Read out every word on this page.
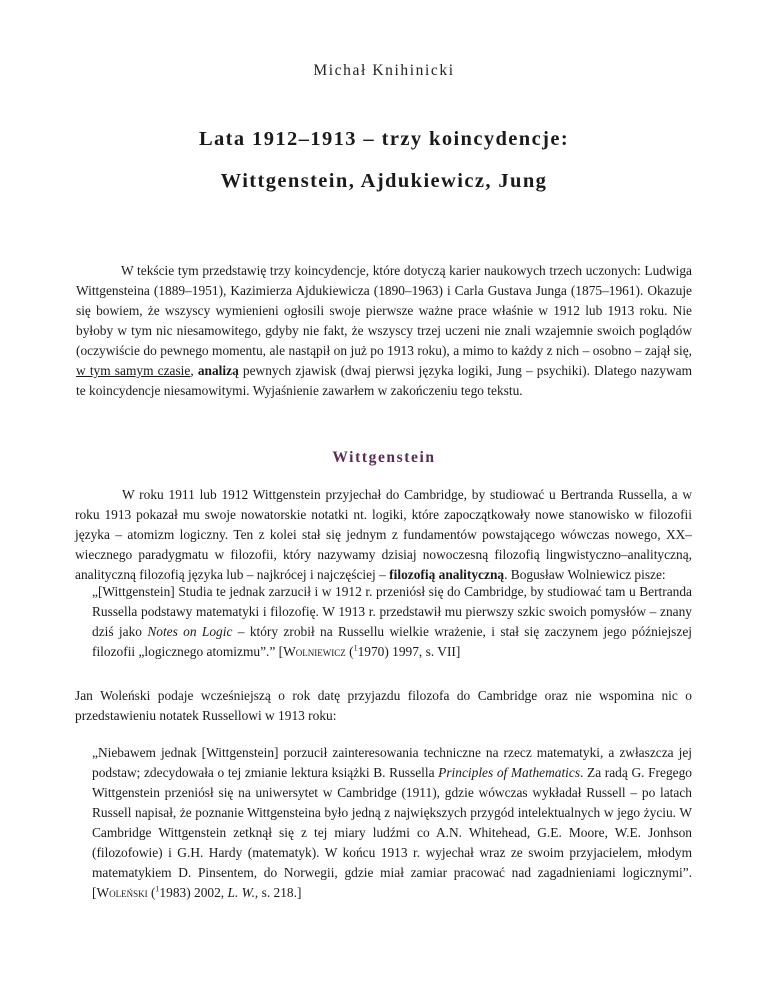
Michał Knihinicki
Lata 1912–1913 – trzy koincydencje:
Wittgenstein, Ajdukiewicz, Jung
W tekście tym przedstawię trzy koincydencje, które dotyczą karier naukowych trzech uczonych: Ludwiga Wittgensteina (1889–1951), Kazimierza Ajdukiewicza (1890–1963) i Carla Gustava Junga (1875–1961). Okazuje się bowiem, że wszyscy wymienieni ogłosili swoje pierwsze ważne prace właśnie w 1912 lub 1913 roku. Nie byłoby w tym nic niesamowitego, gdyby nie fakt, że wszyscy trzej uczeni nie znali wzajemnie swoich poglądów (oczywiście do pewnego momentu, ale nastąpił on już po 1913 roku), a mimo to każdy z nich – osobno – zajął się, w tym samym czasie, analizą pewnych zjawisk (dwaj pierwsi języka logiki, Jung – psychiki). Dlatego nazywam te koincydencje niesamowitymi. Wyjaśnienie zawarłem w zakończeniu tego tekstu.
Wittgenstein
W roku 1911 lub 1912 Wittgenstein przyjechał do Cambridge, by studiować u Bertranda Russella, a w roku 1913 pokazał mu swoje nowatorskie notatki nt. logiki, które zapoczątkowały nowe stanowisko w filozofii języka – atomizm logiczny. Ten z kolei stał się jednym z fundamentów powstającego wówczas nowego, XX–wiecznego paradygmatu w filozofii, który nazywamy dzisiaj nowoczesną filozofią lingwistyczno–analityczną, analityczną filozofią języka lub – najkrócej i najczęściej – filozofią analityczną. Bogusław Wolniewicz pisze:
„[Wittgenstein] Studia te jednak zarzucił i w 1912 r. przeniósł się do Cambridge, by studiować tam u Bertranda Russella podstawy matematyki i filozofię. W 1913 r. przedstawił mu pierwszy szkic swoich pomysłów – znany dziś jako Notes on Logic – który zrobił na Russellu wielkie wrażenie, i stał się zaczynem jego późniejszej filozofii „logicznego atomizmu”.” [Wolniewicz ($^1$1970) 1997, s. VII]
Jan Woleński podaje wcześniejszą o rok datę przyjazdu filozofa do Cambridge oraz nie wspomina nic o przedstawieniu notatek Russellowi w 1913 roku:
„Niebawem jednak [Wittgenstein] porzucił zainteresowania techniczne na rzecz matematyki, a zwłaszcza jej podstaw; zdecydowała o tej zmianie lektura książki B. Russella Principles of Mathematics. Za radą G. Fregego Wittgenstein przeniósł się na uniwersytet w Cambridge (1911), gdzie wówczas wykładał Russell – po latach Russell napisał, że poznanie Wittgensteina było jedną z największych przygód intelektualnych w jego życiu. W Cambridge Wittgenstein zetknął się z tej miary ludźmi co A.N. Whitehead, G.E. Moore, W.E. Jonhson (filozofowie) i G.H. Hardy (matematyk). W końcu 1913 r. wyjechał wraz ze swoim przyjacielem, młodym matematykiem D. Pinsentem, do Norwegii, gdzie miał zamiar pracować nad zagadnieniami logicznymi”. [Woleński ($^1$1983) 2002, L. W., s. 218.]
